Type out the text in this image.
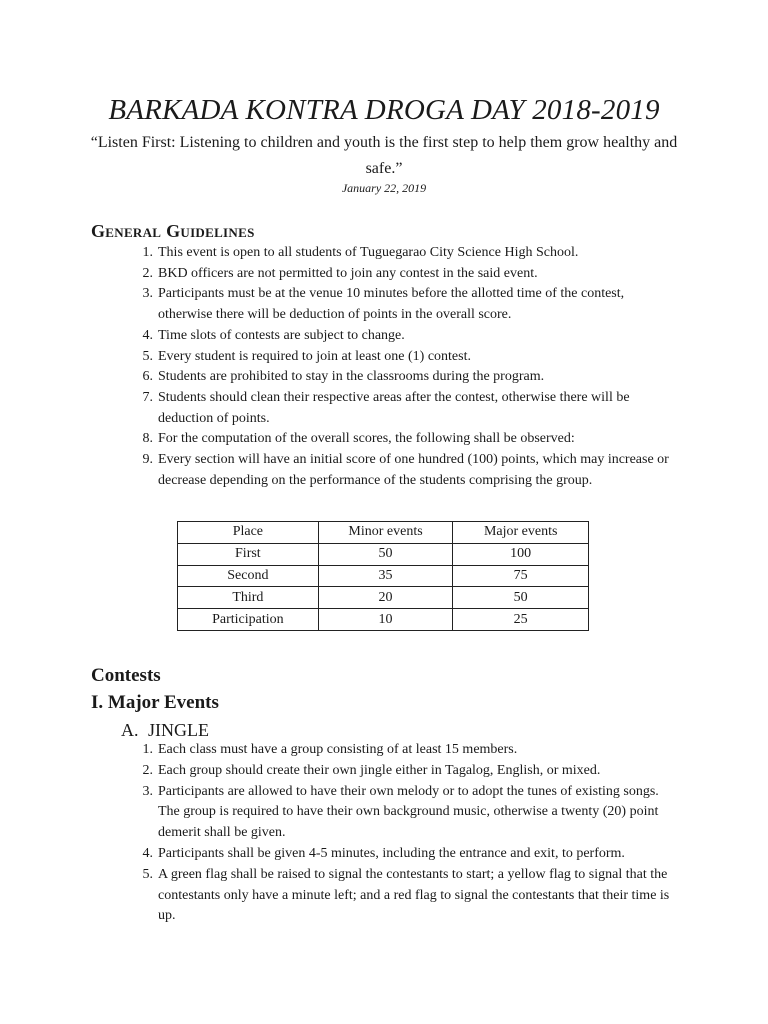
BARKADA KONTRA DROGA DAY 2018-2019

“Listen First: Listening to children and youth is the first step to help them grow healthy and safe.”

January 22, 2019
General Guidelines
1. This event is open to all students of Tuguegarao City Science High School.
2. BKD officers are not permitted to join any contest in the said event.
3. Participants must be at the venue 10 minutes before the allotted time of the contest, otherwise there will be deduction of points in the overall score.
4. Time slots of contests are subject to change.
5. Every student is required to join at least one (1) contest.
6. Students are prohibited to stay in the classrooms during the program.
7. Students should clean their respective areas after the contest, otherwise there will be deduction of points.
8. For the computation of the overall scores, the following shall be observed:
9. Every section will have an initial score of one hundred (100) points, which may increase or decrease depending on the performance of the students comprising the group.
Place	Minor events	Major events
First	50	100
Second	35	75
Third	20	50
Participation	10	25
Contests
I. Major Events
A. JINGLE
1. Each class must have a group consisting of at least 15 members.
2. Each group should create their own jingle either in Tagalog, English, or mixed.
3. Participants are allowed to have their own melody or to adopt the tunes of existing songs. The group is required to have their own background music, otherwise a twenty (20) point demerit shall be given.
4. Participants shall be given 4-5 minutes, including the entrance and exit, to perform.
5. A green flag shall be raised to signal the contestants to start; a yellow flag to signal that the contestants only have a minute left; and a red flag to signal the contestants that their time is up.
